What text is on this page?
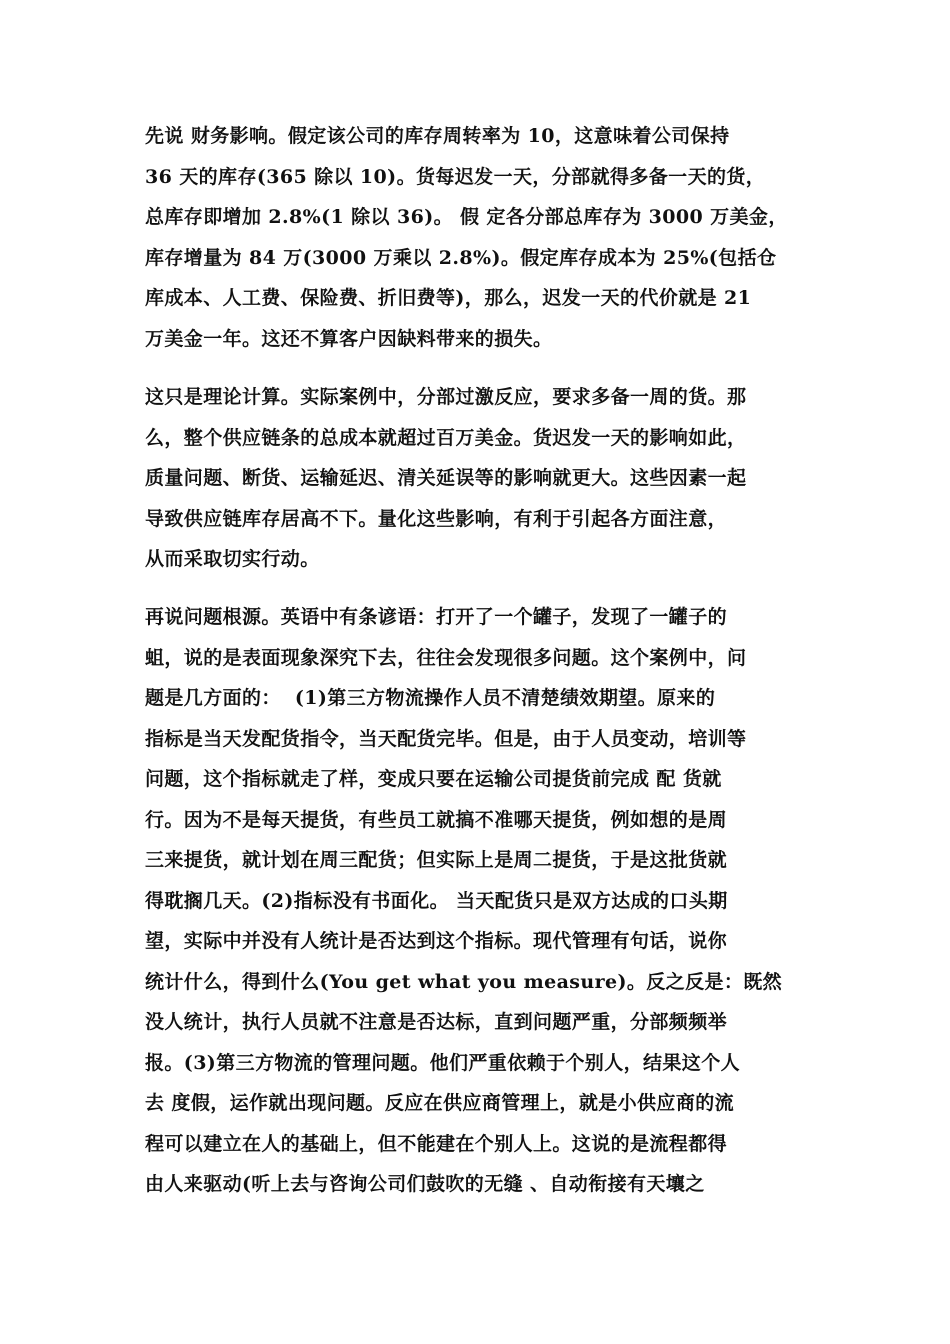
先说 财务影响。假定该公司的库存周转率为 10，这意味着公司保持
36 天的库存(365 除以 10)。货每迟发一天，分部就得多备一天的货，
总库存即增加 2.8%(1 除以 36)。 假 定各分部总库存为 3000 万美金，
库存增量为 84 万(3000 万乘以 2.8%)。假定库存成本为 25%(包括仓
库成本、人工费、保险费、折旧费等)，那么，迟发一天的代价就是 21
万美金一年。这还不算客户因缺料带来的损失。
这只是理论计算。实际案例中，分部过激反应，要求多备一周的货。那
么，整个供应链条的总成本就超过百万美金。货迟发一天的影响如此，
质量问题、断货、运输延迟、清关延误等的影响就更大。这些因素一起
导致供应链库存居高不下。量化这些影响，有利于引起各方面注意，
从而采取切实行动。
再说问题根源。英语中有条谚语：打开了一个罐子，发现了一罐子的
蛆，说的是表面现象深究下去，往往会发现很多问题。这个案例中，问
题是几方面的：  (1)第三方物流操作人员不清楚绩效期望。原来的
指标是当天发配货指令，当天配货完毕。但是，由于人员变动，培训等
问题，这个指标就走了样，变成只要在运输公司提货前完成 配 货就
行。因为不是每天提货，有些员工就搞不准哪天提货，例如想的是周
三来提货，就计划在周三配货；但实际上是周二提货，于是这批货就
得耽搁几天。(2)指标没有书面化。 当天配货只是双方达成的口头期
望，实际中并没有人统计是否达到这个指标。现代管理有句话，说你
统计什么，得到什么(You get what you measure)。反之反是：既然
没人统计，执行人员就不注意是否达标，直到问题严重，分部频频举
报。(3)第三方物流的管理问题。他们严重依赖于个别人，结果这个人
去 度假，运作就出现问题。反应在供应商管理上，就是小供应商的流
程可以建立在人的基础上，但不能建在个别人上。这说的是流程都得
由人来驱动(听上去与咨询公司们鼓吹的无缝 、自动衔接有天壤之
